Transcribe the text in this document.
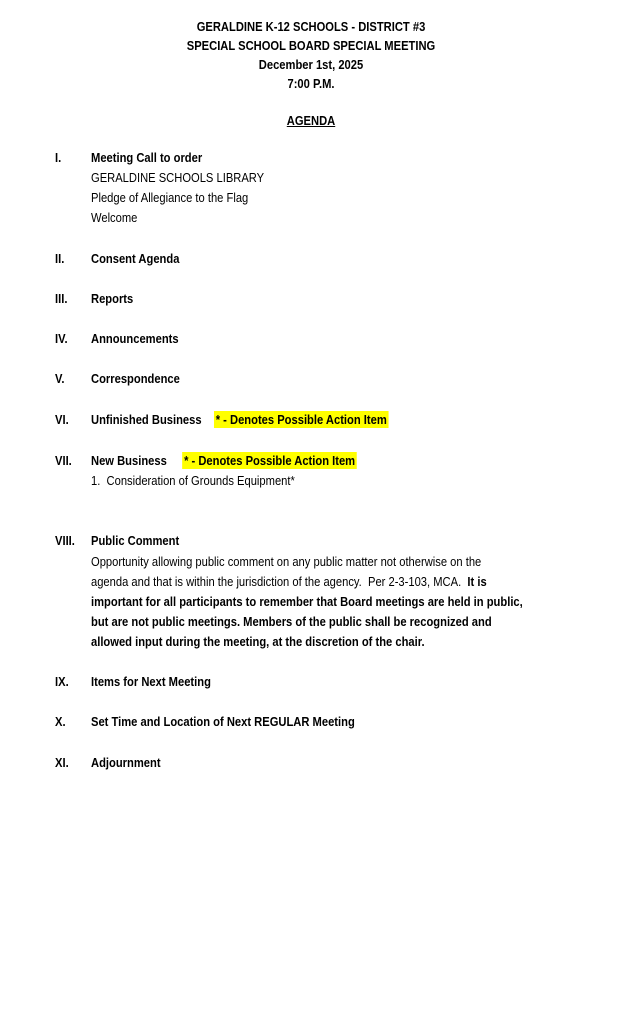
GERALDINE K-12 SCHOOLS - DISTRICT #3
SPECIAL SCHOOL BOARD SPECIAL MEETING
December 1st, 2025
7:00 P.M.
AGENDA
I. Meeting Call to order
GERALDINE SCHOOLS LIBRARY
Pledge of Allegiance to the Flag
Welcome
II. Consent Agenda
III. Reports
IV. Announcements
V. Correspondence
VI. Unfinished Business * - Denotes Possible Action Item
VII. New Business * - Denotes Possible Action Item
1.  Consideration of Grounds Equipment*
VIII. Public Comment
Opportunity allowing public comment on any public matter not otherwise on the
agenda and that is within the jurisdiction of the agency.  Per 2-3-103, MCA.  It is
important for all participants to remember that Board meetings are held in public,
but are not public meetings. Members of the public shall be recognized and
allowed input during the meeting, at the discretion of the chair.
IX. Items for Next Meeting
X. Set Time and Location of Next REGULAR Meeting
XI. Adjournment
